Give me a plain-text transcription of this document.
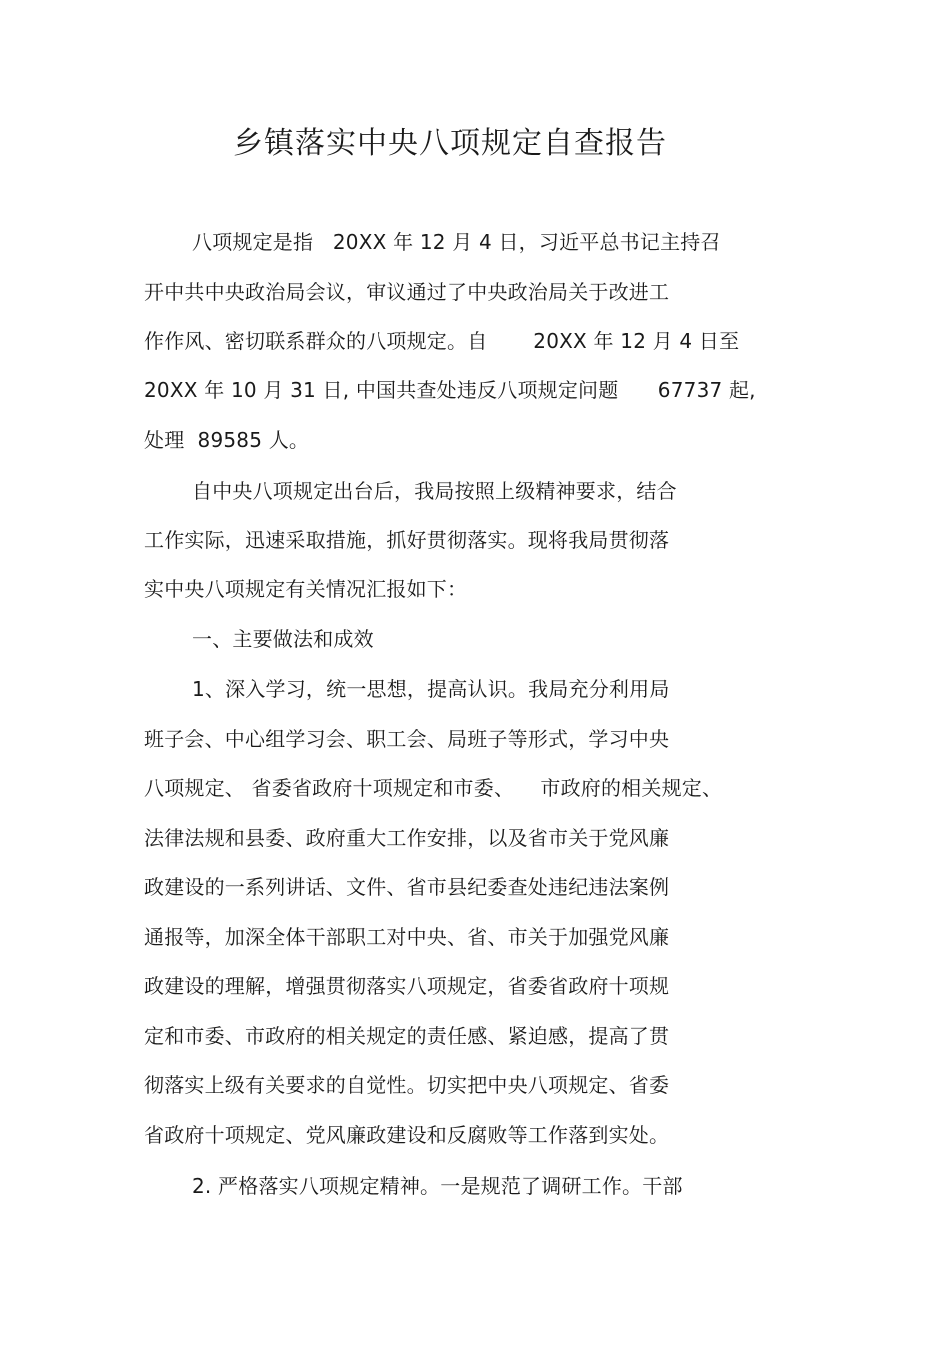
乡镇落实中央八项规定自查报告
八项规定是指   20XX 年 12 月 4 日，习近平总书记主持召
开中共中央政治局会议，审议通过了中央政治局关于改进工
作作风、密切联系群众的八项规定。自       20XX 年 12 月 4 日至
20XX 年 10 月 31 日, 中国共查处违反八项规定问题      67737 起,
处理  89585 人。
自中央八项规定出台后，我局按照上级精神要求，结合
工作实际，迅速采取措施，抓好贯彻落实。现将我局贯彻落
实中央八项规定有关情况汇报如下：
一、主要做法和成效
1、深入学习，统一思想，提高认识。我局充分利用局
班子会、中心组学习会、职工会、局班子等形式，学习中央
八项规定、 省委省政府十项规定和市委、    市政府的相关规定、
法律法规和县委、政府重大工作安排，以及省市关于党风廉
政建设的一系列讲话、文件、省市县纪委查处违纪违法案例
通报等，加深全体干部职工对中央、省、市关于加强党风廉
政建设的理解，增强贯彻落实八项规定，省委省政府十项规
定和市委、市政府的相关规定的责任感、紧迫感，提高了贯
彻落实上级有关要求的自觉性。切实把中央八项规定、省委
省政府十项规定、党风廉政建设和反腐败等工作落到实处。
2. 严格落实八项规定精神。一是规范了调研工作。干部
